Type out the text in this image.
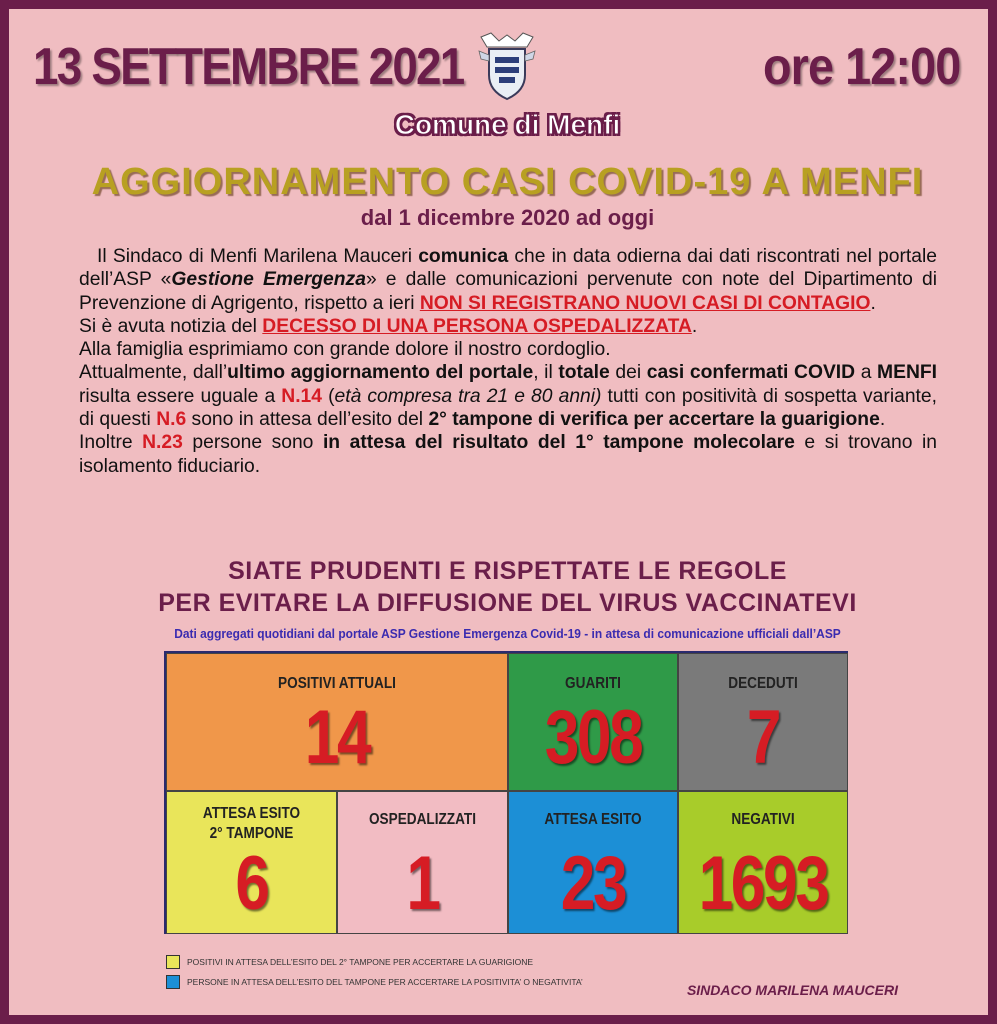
13 SETTEMBRE 2021	ore 12:00
Comune di Menfi
AGGIORNAMENTO CASI COVID-19 A MENFI
dal 1 dicembre 2020 ad oggi

Il Sindaco di Menfi Marilena Mauceri comunica che in data odierna dai dati riscontrati nel portale dell’ASP «Gestione Emergenza» e dalle comunicazioni pervenute con note del Dipartimento di Prevenzione di Agrigento, rispetto a ieri NON SI REGISTRANO NUOVI CASI DI CONTAGIO.

Si è avuta notizia del DECESSO DI UNA PERSONA OSPEDALIZZATA.

Alla famiglia esprimiamo con grande dolore il nostro cordoglio.

Attualmente, dall’ultimo aggiornamento del portale, il totale dei casi confermati COVID a MENFI risulta essere uguale a N.14 (età compresa tra 21 e 80 anni) tutti con positività di sospetta variante, di questi N.6 sono in attesa dell’esito del 2° tampone di verifica per accertare la guarigione.

Inoltre N.23 persone sono in attesa del risultato del 1° tampone molecolare e si trovano in isolamento fiduciario.

SIATE PRUDENTI E RISPETTATE LE REGOLE
PER EVITARE LA DIFFUSIONE DEL VIRUS VACCINATEVI
Dati aggregati quotidiani dal portale ASP Gestione Emergenza Covid-19 - in attesa di comunicazione ufficiali dall’ASP
POSITIVI ATTUALI
14
GUARITI
308
DECEDUTI
7
ATTESA ESITO
2° TAMPONE
6
OSPEDALIZZATI
1
ATTESA ESITO
23
NEGATIVI
1693
POSITIVI IN ATTESA DELL’ESITO DEL 2° TAMPONE PER ACCERTARE LA GUARIGIONE
PERSONE IN ATTESA DELL’ESITO DEL TAMPONE PER ACCERTARE LA POSITIVITA’ O NEGATIVITA’	SINDACO MARILENA MAUCERI
